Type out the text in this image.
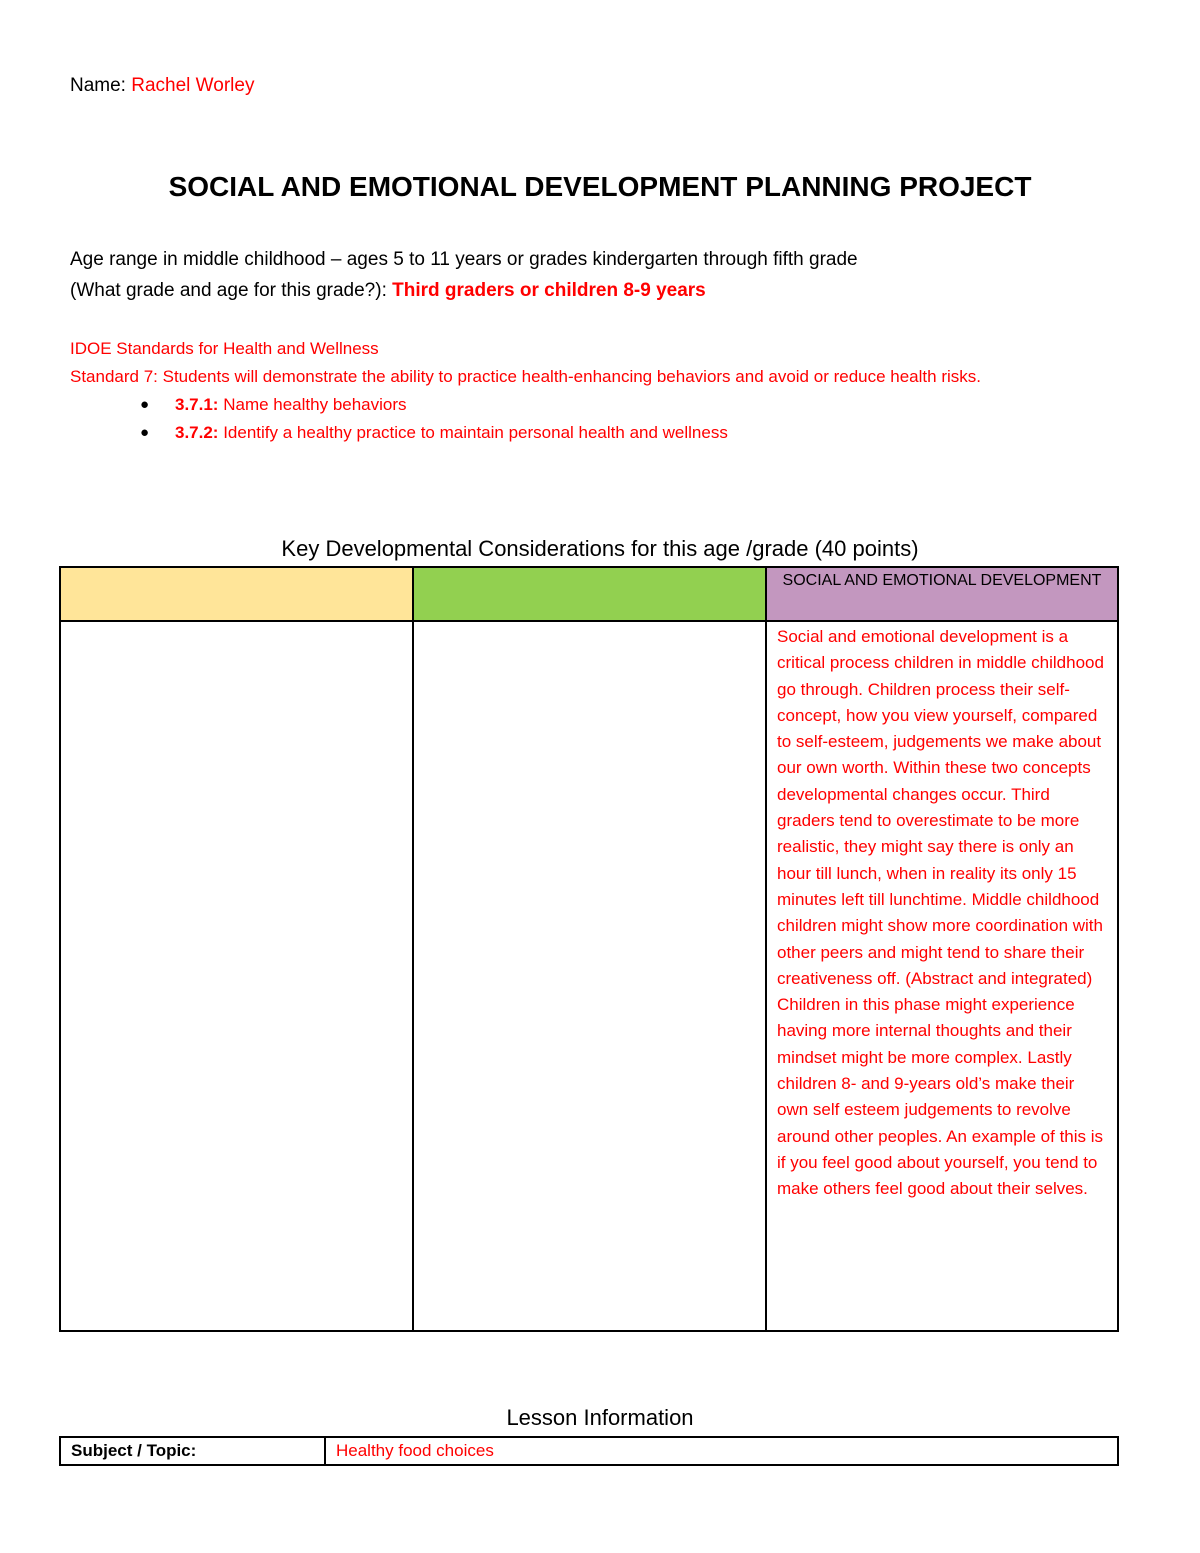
Name: Rachel Worley
SOCIAL AND EMOTIONAL DEVELOPMENT PLANNING PROJECT
Age range in middle childhood – ages 5 to 11 years or grades kindergarten through fifth grade
(What grade and age for this grade?): Third graders or children 8-9 years

IDOE Standards for Health and Wellness

Standard 7: Students will demonstrate the ability to practice health-enhancing behaviors and avoid or reduce health risks.

● 3.7.1: Name healthy behaviors
● 3.7.2: Identify a healthy practice to maintain personal health and wellness
Key Developmental Considerations for this age /grade (40 points)
		SOCIAL AND EMOTIONAL DEVELOPMENT

		Social and emotional development is a critical process children in middle childhood go through. Children process their self-concept, how you view yourself, compared to self-esteem, judgements we make about our own worth. Within these two concepts developmental changes occur. Third graders tend to overestimate to be more realistic, they might say there is only an hour till lunch, when in reality its only 15 minutes left till lunchtime. Middle childhood children might show more coordination with other peers and might tend to share their creativeness off. (Abstract and integrated) Children in this phase might experience having more internal thoughts and their mindset might be more complex. Lastly children 8- and 9-years old’s make their own self esteem judgements to revolve around other peoples. An example of this is if you feel good about yourself, you tend to make others feel good about their selves.
Lesson Information
Subject / Topic:	Healthy food choices
